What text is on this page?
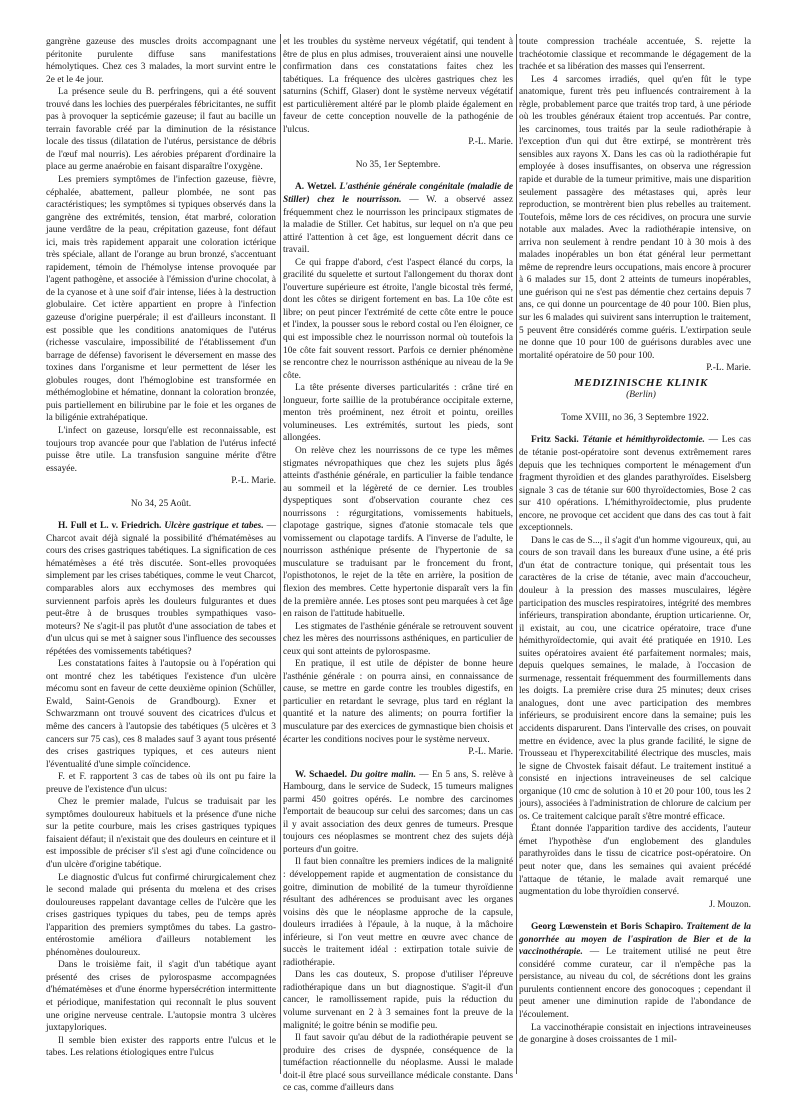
gangrène gazeuse des muscles droits accompagnant une péritonite purulente diffuse sans manifestations hémolytiques. Chez ces 3 malades, la mort survint entre le 2e et le 4e jour.

La présence seule du B. perfringens, qui a été souvent trouvé dans les lochies des puerpérales fébricitantes, ne suffit pas à provoquer la septicémie gazeuse; il faut au bacille un terrain favorable créé par la diminution de la résistance locale des tissus (dilatation de l'utérus, persistance de débris de l'œuf mal nourris). Les aérobies préparent d'ordinaire la place au germe anaérobie en faisant disparaître l'oxygène.

Les premiers symptômes de l'infection gazeuse, fièvre, céphalée, abattement, palleur plombée, ne sont pas caractéristiques; les symptômes si typiques observés dans la gangrène des extrémités, tension, état marbré, coloration jaune verdâtre de la peau, crépitation gazeuse, font défaut ici, mais très rapidement apparait une coloration ictérique très spéciale, allant de l'orange au brun bronzé, s'accentuant rapidement, témoin de l'hémolyse intense provoquée par l'agent pathogène, et associée à l'émission d'urine chocolat, à de la cyanose et à une soif d'air intense, liées à la destruction globulaire. Cet ictère appartient en propre à l'infection gazeuse d'origine puerpérale; il est d'ailleurs inconstant. Il est possible que les conditions anatomiques de l'utérus (richesse vasculaire, impossibilité de l'établissement d'un barrage de défense) favorisent le déversement en masse des toxines dans l'organisme et leur permettent de léser les globules rouges, dont l'hémoglobine est transformée en méthémoglobine et hématine, donnant la coloration bronzée, puis partiellement en bilirubine par le foie et les organes de la biligénie extrahépatique.

L'infect on gazeuse, lorsqu'elle est reconnaissable, est toujours trop avancée pour que l'ablation de l'utérus infecté puisse être utile. La transfusion sanguine mérite d'être essayée.

P.-L. Marie.

No 34, 25 Août.

H. Full et L. v. Friedrich. Ulcère gastrique et tabes. — Charcot avait déjà signalé la possibilité d'hématémèses au cours des crises gastriques tabétiques. La signification de ces hématémèses a été très discutée. Sont-elles provoquées simplement par les crises tabétiques, comme le veut Charcot, comparables alors aux ecchymoses des membres qui surviennent parfois après les douleurs fulgurantes et dues peut-être à de brusques troubles sympathiques vaso-moteurs? Ne s'agit-il pas plutôt d'une association de tabes et d'un ulcus qui se met à saigner sous l'influence des secousses répétées des vomissements tabétiques?

Les constatations faites à l'autopsie ou à l'opération qui ont montré chez les tabétiques l'existence d'un ulcère mécomu sont en faveur de cette deuxième opinion (Schüller, Ewald, Saint-Genois de Grandbourg). Exner et Schwarzmann ont trouvé souvent des cicatrices d'ulcus et même des cancers à l'autopsie des tabétiques (5 ulcères et 3 cancers sur 75 cas), ces 8 malades sauf 3 ayant tous présenté des crises gastriques typiques, et ces auteurs nient l'éventualité d'une simple coïncidence.

F. et F. rapportent 3 cas de tabes où ils ont pu faire la preuve de l'existence d'un ulcus:

Chez le premier malade, l'ulcus se traduisait par les symptômes douloureux habituels et la présence d'une niche sur la petite courbure, mais les crises gastriques typiques faisaient défaut; il n'existait que des douleurs en ceinture et il est impossible de préciser s'il s'est agi d'une coïncidence ou d'un ulcère d'origine tabétique.

Le diagnostic d'ulcus fut confirmé chirurgicalement chez le second malade qui présenta du mœlena et des crises douloureuses rappelant davantage celles de l'ulcère que les crises gastriques typiques du tabes, peu de temps après l'apparition des premiers symptômes du tabes. La gastro-entérostomie améliora d'ailleurs notablement les phénomènes douloureux.

Dans le troisième fait, il s'agit d'un tabétique ayant présenté des crises de pylorospasme accompagnées d'hématémèses et d'une énorme hypersécrétion intermittente et périodique, manifestation qui reconnaît le plus souvent une origine nerveuse centrale. L'autopsie montra 3 ulcères juxtapyloriques.

Il semble bien exister des rapports entre l'ulcus et le tabes. Les relations étiologiques entre l'ulcus

et les troubles du système nerveux végétatif, qui tendent à être de plus en plus admises, trouveraient ainsi une nouvelle confirmation dans ces constatations faites chez les tabétiques. La fréquence des ulcères gastriques chez les saturnins (Schiff, Glaser) dont le système nerveux végétatif est particulièrement altéré par le plomb plaide également en faveur de cette conception nouvelle de la pathogénie de l'ulcus.

P.-L. Marie.

No 35, 1er Septembre.

A. Wetzel. L'asthénie générale congénitale (maladie de Stiller) chez le nourrisson. — W. a observé assez fréquemment chez le nourrisson les principaux stigmates de la maladie de Stiller. Cet habitus, sur lequel on n'a que peu attiré l'attention à cet âge, est longuement décrit dans ce travail.

Ce qui frappe d'abord, c'est l'aspect élancé du corps, la gracilité du squelette et surtout l'allongement du thorax dont l'ouverture supérieure est étroite, l'angle bicostal très fermé, dont les côtes se dirigent fortement en bas. La 10e côte est libre; on peut pincer l'extrémité de cette côte entre le pouce et l'index, la pousser sous le rebord costal ou l'en éloigner, ce qui est impossible chez le nourrisson normal où toutefois la 10e côte fait souvent ressort. Parfois ce dernier phénomène se rencontre chez le nourrisson asthénique au niveau de la 9e côte.

La tête présente diverses particularités : crâne tiré en longueur, forte saillie de la protubérance occipitale externe, menton très proéminent, nez étroit et pointu, oreilles volumineuses. Les extrémités, surtout les pieds, sont allongées.

On relève chez les nourrissons de ce type les mêmes stigmates névropathiques que chez les sujets plus âgés atteints d'asthénie générale, en particulier la faible tendance au sommeil et la légèreté de ce dernier. Les troubles dyspeptiques sont d'observation courante chez ces nourrissons : régurgitations, vomissements habituels, clapotage gastrique, signes d'atonie stomacale tels que vomissement ou clapotage tardifs. A l'inverse de l'adulte, le nourrisson asthénique présente de l'hypertonie de sa musculature se traduisant par le froncement du front, l'opisthotonos, le rejet de la tête en arrière, la position de flexion des membres. Cette hypertonie disparaît vers la fin de la première année. Les ptoses sont peu marquées à cet âge en raison de l'attitude habituelle.

Les stigmates de l'asthénie générale se retrouvent souvent chez les mères des nourrissons asthéniques, en particulier de ceux qui sont atteints de pylorospasme.

En pratique, il est utile de dépister de bonne heure l'asthénie générale : on pourra ainsi, en connaissance de cause, se mettre en garde contre les troubles digestifs, en particulier en retardant le sevrage, plus tard en réglant la quantité et la nature des aliments; on pourra fortifier la musculature par des exercices de gymnastique bien choisis et écarter les conditions nocives pour le système nerveux.

P.-L. Marie.

W. Schaedel. Du goitre malin. — En 5 ans, S. relève à Hambourg, dans le service de Sudeck, 15 tumeurs malignes parmi 450 goitres opérés. Le nombre des carcinomes l'emportait de beaucoup sur celui des sarcomes; dans un cas il y avait association des deux genres de tumeurs. Presque toujours ces néoplasmes se montrent chez des sujets déjà porteurs d'un goitre.

Il faut bien connaître les premiers indices de la malignité : développement rapide et augmentation de consistance du goitre, diminution de mobilité de la tumeur thyroïdienne résultant des adhérences se produisant avec les organes voisins dès que le néoplasme approche de la capsule, douleurs irradiées à l'épaule, à la nuque, à la mâchoire inférieure, si l'on veut mettre en œuvre avec chance de succès le traitement idéal : extirpation totale suivie de radiothérapie.

Dans les cas douteux, S. propose d'utiliser l'épreuve radiothérapique dans un but diagnostique. S'agit-il d'un cancer, le ramollissement rapide, puis la réduction du volume survenant en 2 à 3 semaines font la preuve de la malignité; le goitre bénin se modifie peu.

Il faut savoir qu'au début de la radiothérapie peuvent se produire des crises de dyspnée, conséquence de la tuméfaction réactionnelle du néoplasme. Aussi le malade doit-il être placé sous surveillance médicale constante. Dans ce cas, comme d'ailleurs dans

toute compression trachéale accentuée, S. rejette la trachéotomie classique et recommande le dégagement de la trachée et sa libération des masses qui l'enserrent.

Les 4 sarcomes irradiés, quel qu'en fût le type anatomique, furent très peu influencés contrairement à la règle, probablement parce que traités trop tard, à une période où les troubles généraux étaient trop accentués. Par contre, les carcinomes, tous traités par la seule radiothérapie à l'exception d'un qui dut être extirpé, se montrèrent très sensibles aux rayons X. Dans les cas où la radiothérapie fut employée à doses insuffisantes, on observa une régression rapide et durable de la tumeur primitive, mais une disparition seulement passagère des métastases qui, après leur reproduction, se montrèrent bien plus rebelles au traitement. Toutefois, même lors de ces récidives, on procura une survie notable aux malades. Avec la radiothérapie intensive, on arriva non seulement à rendre pendant 10 à 30 mois à des malades inopérables un bon état général leur permettant même de reprendre leurs occupations, mais encore à procurer à 6 malades sur 15, dont 2 atteints de tumeurs inopérables, une guérison qui ne s'est pas démentie chez certains depuis 7 ans, ce qui donne un pourcentage de 40 pour 100. Bien plus, sur les 6 malades qui suivirent sans interruption le traitement, 5 peuvent être considérés comme guéris. L'extirpation seule ne donne que 10 pour 100 de guérisons durables avec une mortalité opératoire de 50 pour 100.

P.-L. Marie.

MEDIZINISCHE KLINIK

(Berlin)

Tome XVIII, no 36, 3 Septembre 1922.

Fritz Sacki. Tétanie et hémithyroïdectomie. — Les cas de tétanie post-opératoire sont devenus extrêmement rares depuis que les techniques comportent le ménagement d'un fragment thyroïdien et des glandes parathyroïdes. Eiselsberg signale 3 cas de tétanie sur 600 thyroïdectomies, Bose 2 cas sur 410 opérations. L'hémithyroïdectomie, plus prudente encore, ne provoque cet accident que dans des cas tout à fait exceptionnels.

Dans le cas de S..., il s'agit d'un homme vigoureux, qui, au cours de son travail dans les bureaux d'une usine, a été pris d'un état de contracture tonique, qui présentait tous les caractères de la crise de tétanie, avec main d'accoucheur, douleur à la pression des masses musculaires, légère participation des muscles respiratoires, intégrité des membres inférieurs, transpiration abondante, éruption urticarienne. Or, il existait, au cou, une cicatrice opératoire, trace d'une hémithyroïdectomie, qui avait été pratiquée en 1910. Les suites opératoires avaient été parfaitement normales; mais, depuis quelques semaines, le malade, à l'occasion de surmenage, ressentait fréquemment des fourmillements dans les doigts. La première crise dura 25 minutes; deux crises analogues, dont une avec participation des membres inférieurs, se produisirent encore dans la semaine; puis les accidents disparurent. Dans l'intervalle des crises, on pouvait mettre en évidence, avec la plus grande facilité, le signe de Trousseau et l'hyperexcitabilité électrique des muscles, mais le signe de Chvostek faisait défaut. Le traitement institué a consisté en injections intraveineuses de sel calcique organique (10 cmc de solution à 10 et 20 pour 100, tous les 2 jours), associées à l'administration de chlorure de calcium per os. Ce traitement calcique paraît s'être montré efficace.

Étant donnée l'apparition tardive des accidents, l'auteur émet l'hypothèse d'un englobement des glandules parathyroïdes dans le tissu de cicatrice post-opératoire. On peut noter que, dans les semaines qui avaient précédé l'attaque de tétanie, le malade avait remarqué une augmentation du lobe thyroïdien conservé.

J. Mouzon.

Georg Lœwenstein et Boris Schapiro. Traitement de la gonorrhée au moyen de l'aspiration de Bier et de la vaccinothérapie. — Le traitement utilisé ne peut être considéré comme curateur, car il n'empêche pas la persistance, au niveau du col, de sécrétions dont les grains purulents contiennent encore des gonocoques ; cependant il peut amener une diminution rapide de l'abondance de l'écoulement.

La vaccinothérapie consistait en injections intraveineuses de gonargine à doses croissantes de 1 mil-
